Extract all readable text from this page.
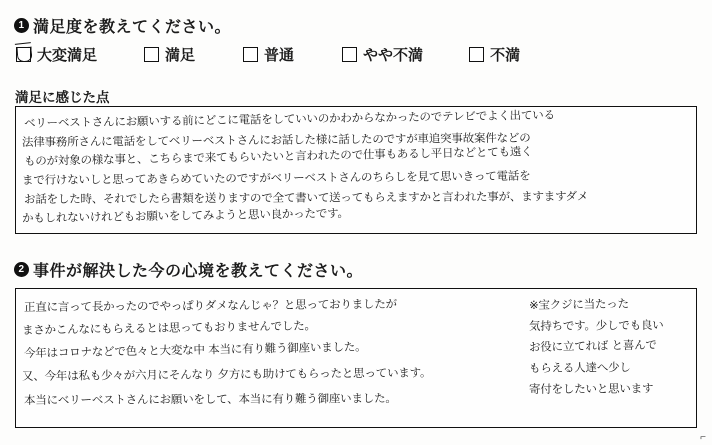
1 満足度を教えてください。
大変満足	満足	普通	やや不満	不満
満足に感じた点
ベリーベストさんにお願いする前にどこに電話をしていいのかわからなかったのでテレビでよく出ている
法律事務所さんに電話をしてベリーベストさんにお話した様に話したのですが車追突事故案件などの
ものが対象の様な事と、こちらまで来てもらいたいと言われたので仕事もあるし平日などとても遠く
まで行けないしと思ってあきらめていたのですがベリーベストさんのちらしを見て思いきって電話を
お話をした時、それでしたら書類を送りますので全て書いて送ってもらえますかと言われた事が、ますますダメ
かもしれないけれどもお願いをしてみようと思い良かったです。
2 事件が解決した今の心境を教えてください。
正直に言って長かったのでやっぱりダメなんじゃ？と思っておりましたが
まさかこんなにもらえるとは思ってもおりませんでした。
今年はコロナなどで色々と大変な中 本当に有り難う御座いました。
又、今年は私も少々が六月にそんなり 夕方にも助けてもらったと思っています。
本当にベリーベストさんにお願いをして、本当に有り難う御座いました。
※宝クジに当たった
気持ちです。少しでも良い
お役に立てれば と喜んで
もらえる人達へ少し
寄付をしたいと思います
⌐
